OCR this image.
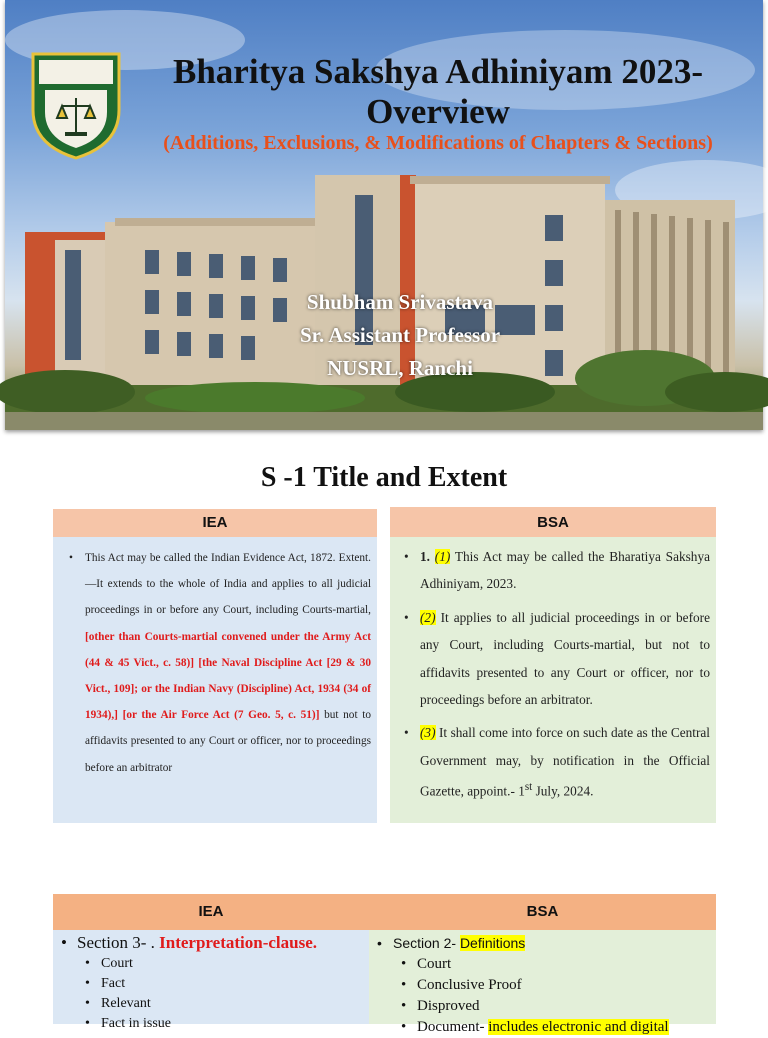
Bharitya Sakshya Adhiniyam 2023-Overview
(Additions, Exclusions, & Modifications of Chapters & Sections)
Shubham Srivastava
Sr. Assistant Professor
NUSRL, Ranchi
S -1 Title and Extent
IEA	BSA
• This Act may be called the Indian Evidence Act, 1872. Extent.—It extends to the whole of India and applies to all judicial proceedings in or before any Court, including Courts-martial, [other than Courts-martial convened under the Army Act (44 & 45 Vict., c. 58)] [the Naval Discipline Act [29 & 30 Vict., 109]; or the Indian Navy (Discipline) Act, 1934 (34 of 1934),] [or the Air Force Act (7 Geo. 5, c. 51)] but not to affidavits presented to any Court or officer, nor to proceedings before an arbitrator
• 1. (1) This Act may be called the Bharatiya Sakshya Adhiniyam, 2023.
• (2) It applies to all judicial proceedings in or before any Court, including Courts-martial, but not to affidavits presented to any Court or officer, nor to proceedings before an arbitrator.
• (3) It shall come into force on such date as the Central Government may, by notification in the Official Gazette, appoint.- 1st July, 2024.
IEA	BSA
• Section 3- . Interpretation-clause.
• Court
• Fact
• Relevant
• Fact in issue
• Section 2- Definitions
• Court
• Conclusive Proof
• Disproved
• Document- includes electronic and digital
